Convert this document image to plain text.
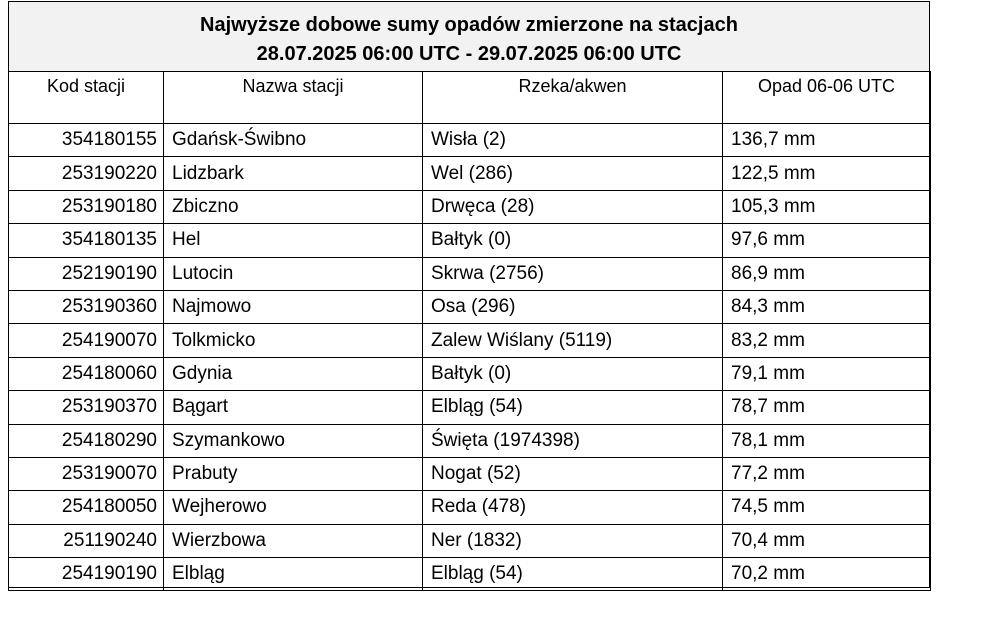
Najwyższe dobowe sumy opadów zmierzone na stacjach
28.07.2025 06:00 UTC - 29.07.2025 06:00 UTC
Kod stacji	Nazwa stacji	Rzeka/akwen	Opad 06-06 UTC
354180155	Gdańsk-Świbno	Wisła (2)	136,7 mm
253190220	Lidzbark	Wel (286)	122,5 mm
253190180	Zbiczno	Drwęca (28)	105,3 mm
354180135	Hel	Bałtyk (0)	97,6 mm
252190190	Lutocin	Skrwa (2756)	86,9 mm
253190360	Najmowo	Osa (296)	84,3 mm
254190070	Tolkmicko	Zalew Wiślany (5119)	83,2 mm
254180060	Gdynia	Bałtyk (0)	79,1 mm
253190370	Bągart	Elbląg (54)	78,7 mm
254180290	Szymankowo	Święta (1974398)	78,1 mm
253190070	Prabuty	Nogat (52)	77,2 mm
254180050	Wejherowo	Reda (478)	74,5 mm
251190240	Wierzbowa	Ner (1832)	70,4 mm
254190190	Elbląg	Elbląg (54)	70,2 mm
